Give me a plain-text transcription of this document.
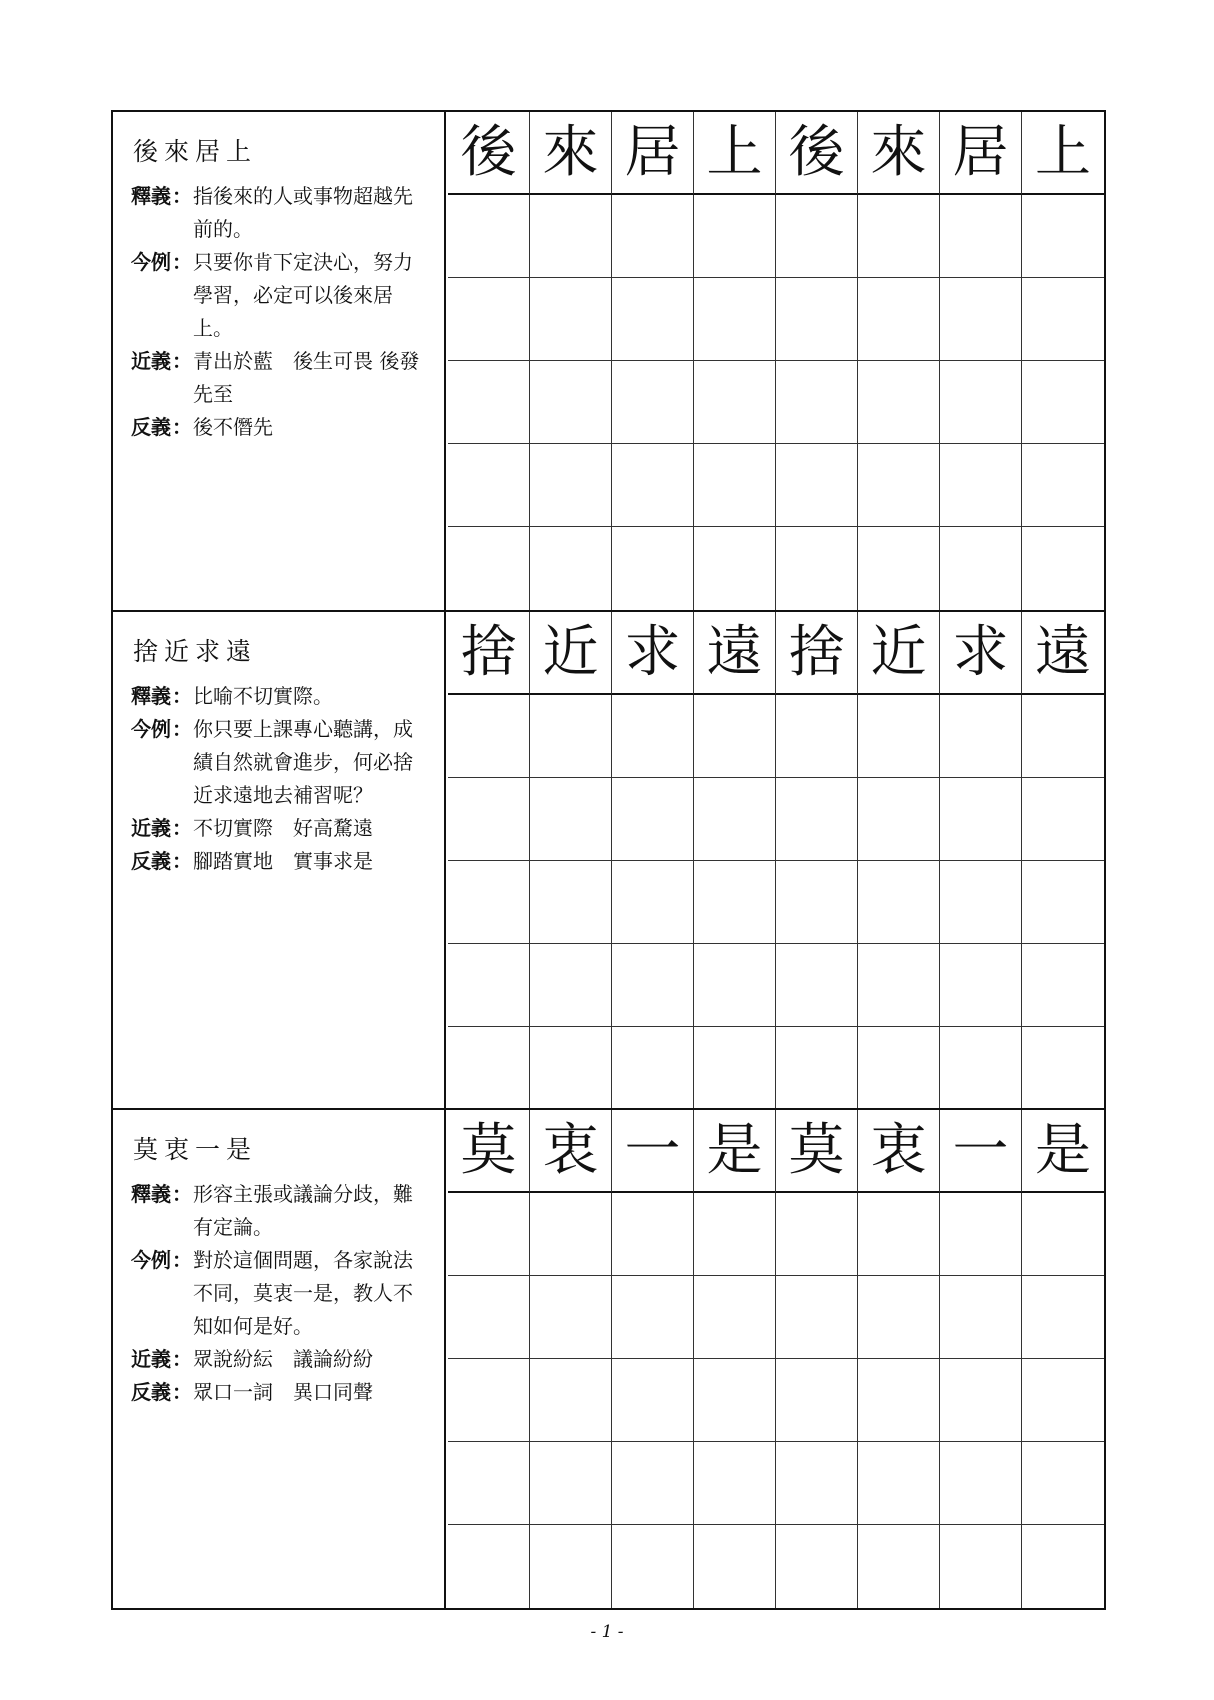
後來居上
釋義 ： 指後來的人或事物超越先前的。
今例 ： 只要你肯下定決心，努力學習，必定可以後來居上。
近義 ： 青出於藍　後生可畏 後發先至
反義 ： 後不僭先
後 來 居 上 後 來 居 上
捨近求遠
釋義 ： 比喻不切實際。
今例 ： 你只要上課專心聽講，成績自然就會進步，何必捨近求遠地去補習呢？
近義 ： 不切實際　好高騖遠
反義 ： 腳踏實地　實事求是
捨 近 求 遠 捨 近 求 遠
莫衷一是
釋義 ： 形容主張或議論分歧，難有定論。
今例 ： 對於這個問題，各家說法不同，莫衷一是，教人不知如何是好。
近義 ： 眾說紛紜　議論紛紛
反義 ： 眾口一詞　異口同聲
莫 衷 一 是 莫 衷 一 是
- 1 -
